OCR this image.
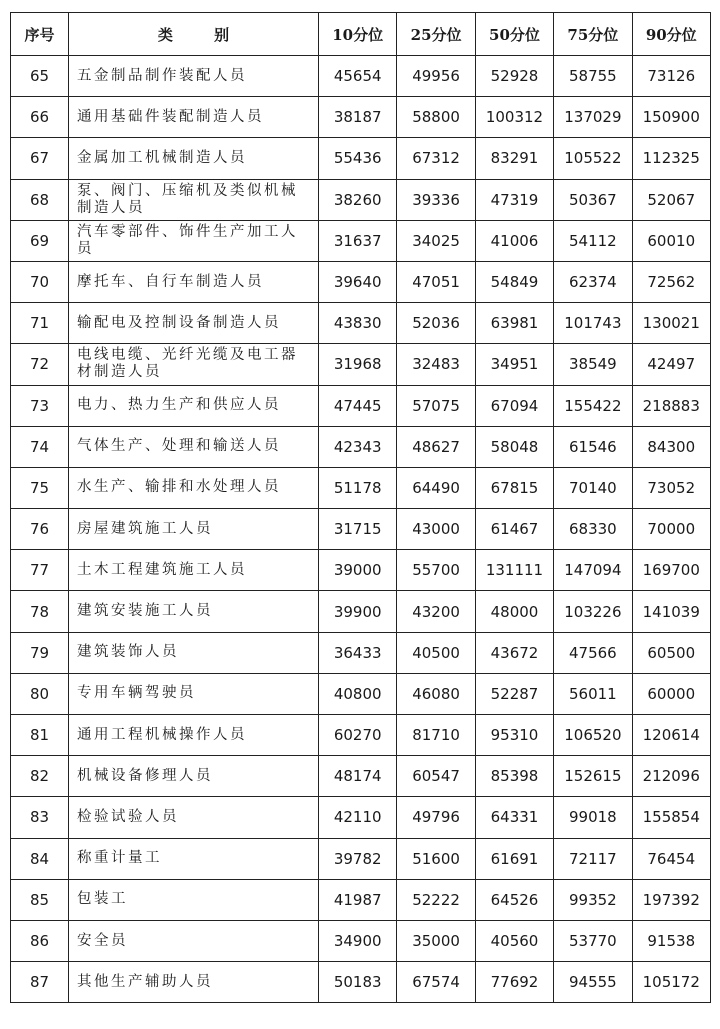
序号	类 别	10分位	25分位	50分位	75分位	90分位
65	五金制品制作装配人员	45654	49956	52928	58755	73126
66	通用基础件装配制造人员	38187	58800	100312	137029	150900
67	金属加工机械制造人员	55436	67312	83291	105522	112325
68	泵、阀门、压缩机及类似机械制造人员	38260	39336	47319	50367	52067
69	汽车零部件、饰件生产加工人员	31637	34025	41006	54112	60010
70	摩托车、自行车制造人员	39640	47051	54849	62374	72562
71	输配电及控制设备制造人员	43830	52036	63981	101743	130021
72	电线电缆、光纤光缆及电工器材制造人员	31968	32483	34951	38549	42497
73	电力、热力生产和供应人员	47445	57075	67094	155422	218883
74	气体生产、处理和输送人员	42343	48627	58048	61546	84300
75	水生产、输排和水处理人员	51178	64490	67815	70140	73052
76	房屋建筑施工人员	31715	43000	61467	68330	70000
77	土木工程建筑施工人员	39000	55700	131111	147094	169700
78	建筑安装施工人员	39900	43200	48000	103226	141039
79	建筑装饰人员	36433	40500	43672	47566	60500
80	专用车辆驾驶员	40800	46080	52287	56011	60000
81	通用工程机械操作人员	60270	81710	95310	106520	120614
82	机械设备修理人员	48174	60547	85398	152615	212096
83	检验试验人员	42110	49796	64331	99018	155854
84	称重计量工	39782	51600	61691	72117	76454
85	包装工	41987	52222	64526	99352	197392
86	安全员	34900	35000	40560	53770	91538
87	其他生产辅助人员	50183	67574	77692	94555	105172
